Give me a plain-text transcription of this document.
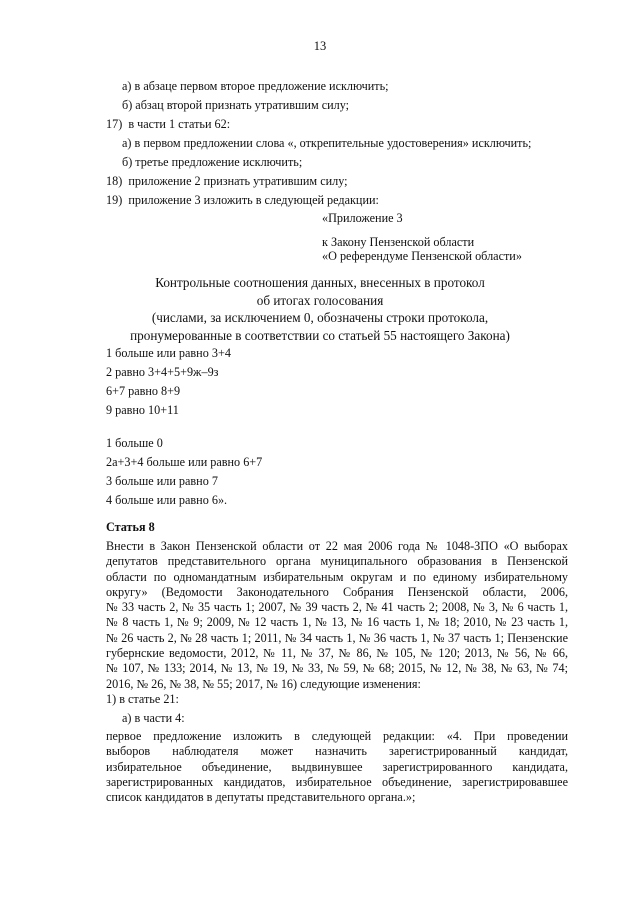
13
а) в абзаце первом второе предложение исключить;
б) абзац второй признать утратившим силу;
17) в части 1 статьи 62:
а) в первом предложении слова «, открепительные удостоверения» исключить;
б) третье предложение исключить;
18) приложение 2 признать утратившим силу;
19) приложение 3 изложить в следующей редакции:
«Приложение 3
к Закону Пензенской области
«О референдуме Пензенской области»
Контрольные соотношения данных, внесенных в протокол
об итогах голосования
(числами, за исключением 0, обозначены строки протокола,
пронумерованные в соответствии со статьей 55 настоящего Закона)
1 больше или равно 3+4
2 равно 3+4+5+9ж–9з
6+7 равно 8+9
9 равно 10+11
1 больше 0
2а+3+4 больше или равно 6+7
3 больше или равно 7
4 больше или равно 6».
Статья 8
Внести в Закон Пензенской области от 22 мая 2006 года № 1048-ЗПО «О выборах
депутатов представительного органа муниципального образования в Пензенской
области по одномандатным избирательным округам и по единому избирательному
округу» (Ведомости Законодательного Собрания Пензенской области, 2006,
№ 33 часть 2, № 35 часть 1; 2007, № 39 часть 2, № 41 часть 2; 2008, № 3, № 6 часть 1,
№ 8 часть 1, № 9; 2009, № 12 часть 1, № 13, № 16 часть 1, № 18; 2010, № 23 часть 1,
№ 26 часть 2, № 28 часть 1; 2011, № 34 часть 1, № 36 часть 1, № 37 часть 1; Пензенские
губернские ведомости, 2012, № 11, № 37, № 86, № 105, № 120; 2013, № 56, № 66,
№ 107, № 133; 2014, № 13, № 19, № 33, № 59, № 68; 2015, № 12, № 38, № 63, № 74;
2016, № 26, № 38, № 55; 2017, № 16) следующие изменения:
1) в статье 21:
а) в части 4:
первое предложение изложить в следующей редакции: «4. При проведении
выборов наблюдателя может назначить зарегистрированный кандидат,
избирательное объединение, выдвинувшее зарегистрированного кандидата,
зарегистрированных кандидатов, избирательное объединение, зарегистрировавшее
список кандидатов в депутаты представительного органа.»;
